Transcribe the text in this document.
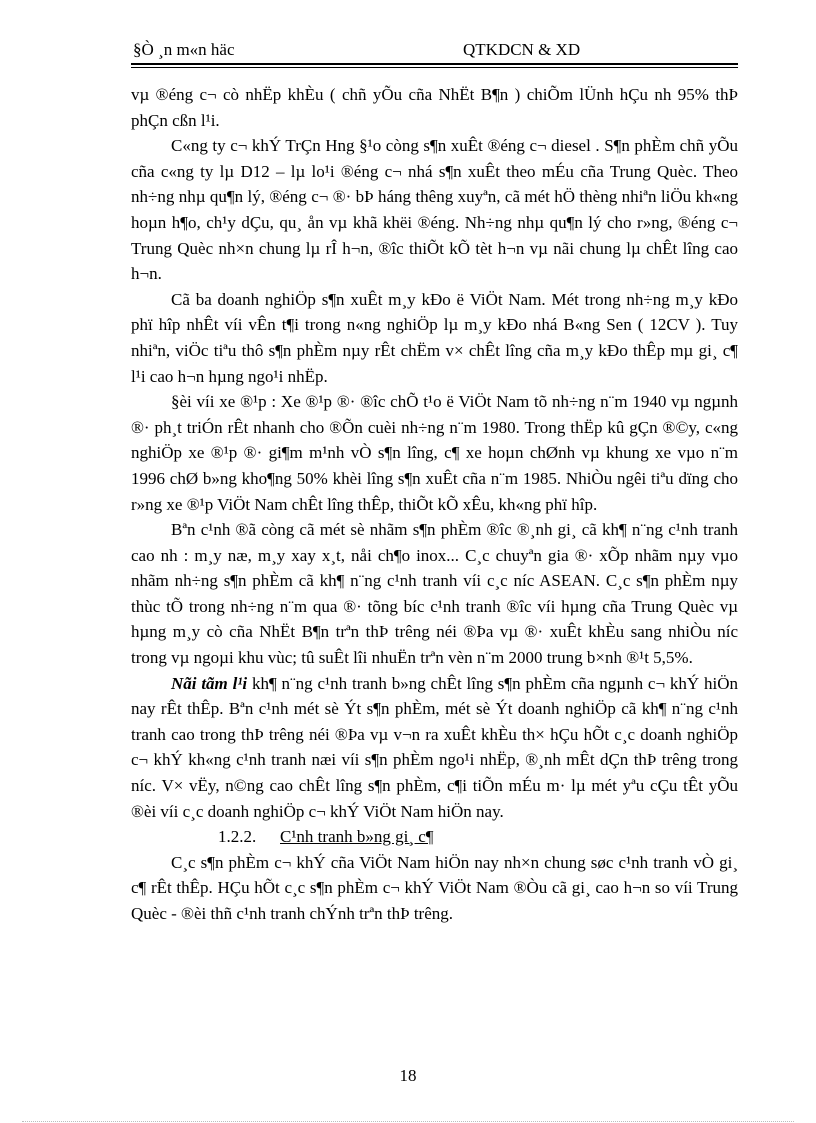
§Ò ¸n m«n häc	QTKDCN & XD

vµ ®éng c¬ cò nhËp khÈu ( chñ yÕu cña NhËt B¶n ) chiÕm lÜnh hÇu nh 95% thÞ phÇn cßn l¹i.

C«ng ty c¬ khÝ TrÇn Hng §¹o còng s¶n xuÊt ®éng c¬ diesel . S¶n phÈm chñ yÕu cña c«ng ty lµ D12 – lµ lo¹i ®éng c¬ nhá s¶n xuÊt theo mÉu cña Trung Quèc. Theo nh÷ng nhµ qu¶n lý, ®éng c¬ ®· bÞ háng thêng xuyªn, cã mét hÖ thèng nhiªn liÖu kh«ng hoµn h¶o, ch¹y dÇu, qu¸ ån vµ khã khëi ®éng. Nh÷ng nhµ qu¶n lý cho r»ng, ®éng c¬ Trung Quèc nh×n chung lµ rÎ h¬n, ®îc thiÕt kÕ tèt h¬n vµ nãi chung lµ chÊt lîng cao h¬n.

Cã ba doanh nghiÖp s¶n xuÊt m¸y kÐo ë ViÖt Nam. Mét trong nh÷ng m¸y kÐo phï hîp nhÊt víi vÊn t¶i trong n«ng nghiÖp lµ m¸y kÐo nhá B«ng Sen ( 12CV ). Tuy nhiªn, viÖc tiªu thô s¶n phÈm nµy rÊt chËm v× chÊt lîng cña m¸y kÐo thÊp mµ gi¸ c¶ l¹i cao h¬n hµng ngo¹i nhËp.

§èi víi xe ®¹p : Xe ®¹p ®· ®îc chÕ t¹o ë ViÖt Nam tõ nh÷ng n¨m 1940 vµ ngµnh ®· ph¸t triÓn rÊt nhanh cho ®Õn cuèi nh÷ng n¨m 1980. Trong thËp kû gÇn ®©y, c«ng nghiÖp xe ®¹p ®· gi¶m m¹nh vÒ s¶n lîng, c¶ xe hoµn chØnh vµ khung xe vµo n¨m 1996 chØ b»ng kho¶ng 50% khèi lîng s¶n xuÊt cña n¨m 1985. NhiÒu ngêi tiªu dïng cho r»ng xe ®¹p ViÖt Nam chÊt lîng thÊp, thiÕt kÕ xÊu, kh«ng phï hîp.

Bªn c¹nh ®ã còng cã mét sè nhãm s¶n phÈm ®îc ®¸nh gi¸ cã kh¶ n¨ng c¹nh tranh cao nh : m¸y næ, m¸y xay x¸t, nåi ch¶o inox... C¸c chuyªn gia ®· xÕp nhãm nµy vµo nhãm nh÷ng s¶n phÈm cã kh¶ n¨ng c¹nh tranh víi c¸c níc ASEAN. C¸c s¶n phÈm nµy thùc tÕ trong nh÷ng n¨m qua ®· tõng bíc c¹nh tranh ®îc víi hµng cña Trung Quèc vµ hµng m¸y cò cña NhËt B¶n trªn thÞ trêng néi ®Þa vµ ®· xuÊt khÈu sang nhiÒu níc trong vµ ngoµi khu vùc; tû suÊt lîi nhuËn trªn vèn n¨m 2000 trung b×nh ®¹t 5,5%.

Nãi tãm l¹i kh¶ n¨ng c¹nh tranh b»ng chÊt lîng s¶n phÈm cña ngµnh c¬ khÝ hiÖn nay rÊt thÊp. Bªn c¹nh mét sè Ýt s¶n phÈm, mét sè Ýt doanh nghiÖp cã kh¶ n¨ng c¹nh tranh cao trong thÞ trêng néi ®Þa vµ v¬n ra xuÊt khÈu th× hÇu hÕt c¸c doanh nghiÖp c¬ khÝ kh«ng c¹nh tranh næi víi s¶n phÈm ngo¹i nhËp, ®¸nh mÊt dÇn thÞ trêng trong níc. V× vËy, n©ng cao chÊt lîng s¶n phÈm, c¶i tiÕn mÉu m· lµ mét yªu cÇu tÊt yÕu ®èi víi c¸c doanh nghiÖp c¬ khÝ ViÖt Nam hiÖn nay.

1.2.2. C¹nh tranh b»ng gi¸ c¶

C¸c s¶n phÈm c¬ khÝ cña ViÖt Nam hiÖn nay nh×n chung søc c¹nh tranh vÒ gi¸ c¶ rÊt thÊp. HÇu hÕt c¸c s¶n phÈm c¬ khÝ ViÖt Nam ®Òu cã gi¸ cao h¬n so víi Trung Quèc - ®èi thñ c¹nh tranh chÝnh trªn thÞ trêng.

18
